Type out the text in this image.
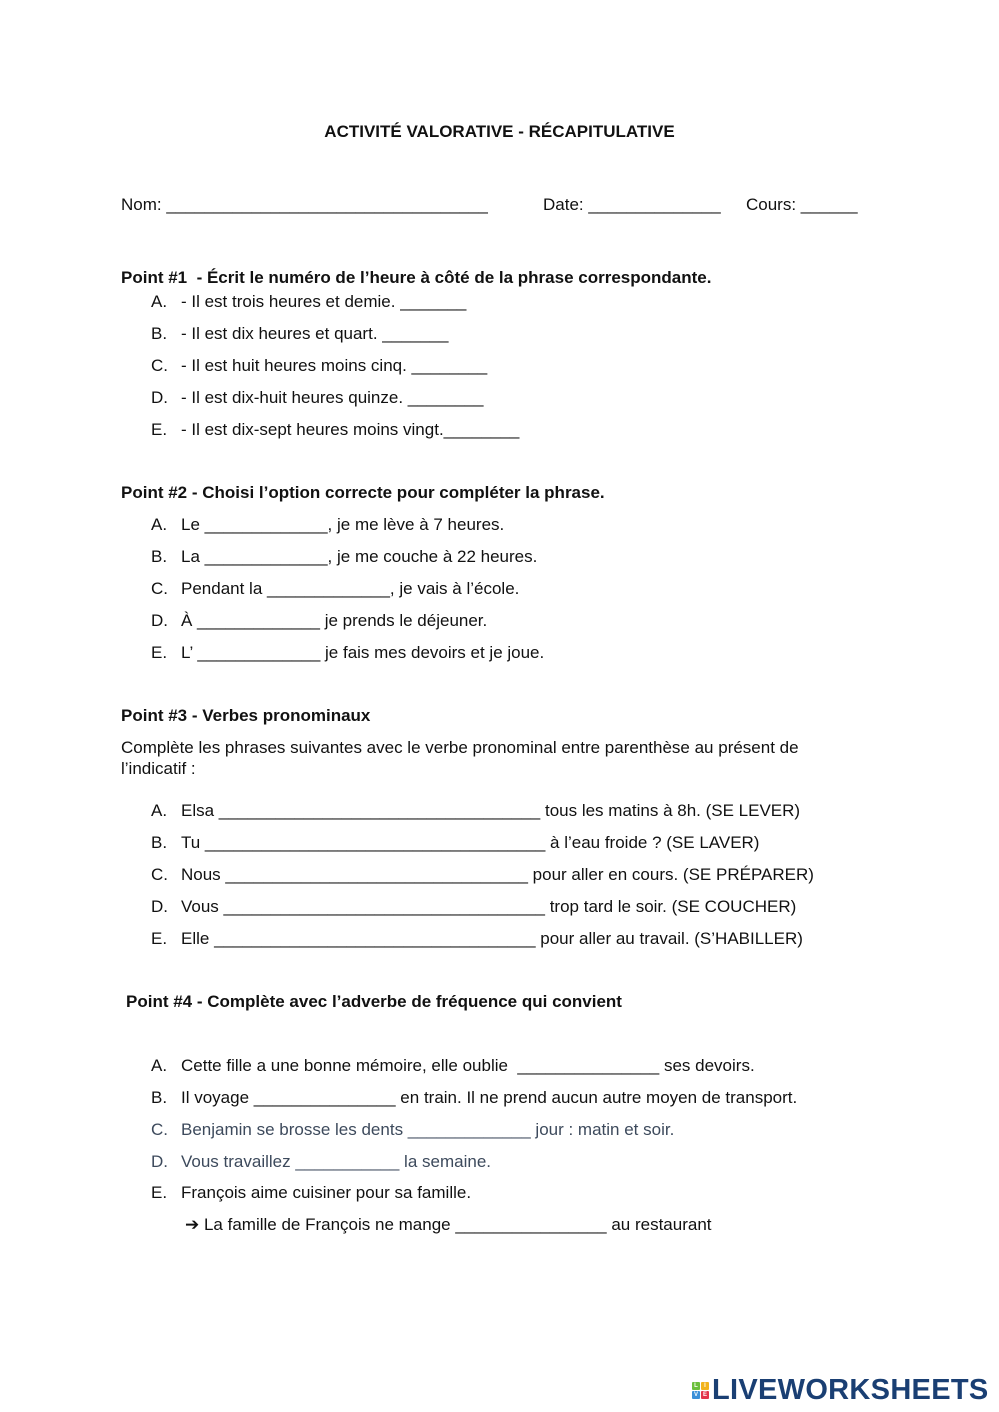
ACTIVITÉ VALORATIVE - RÉCAPITULATIVE
Nom: __________________________________	Date: ______________ Cours: ______
Point #1  - Écrit le numéro de l’heure à côté de la phrase correspondante.
A. - Il est trois heures et demie. _______
B. - Il est dix heures et quart. _______
C. - Il est huit heures moins cinq. ________
D. - Il est dix-huit heures quinze. ________
E. - Il est dix-sept heures moins vingt.________
Point #2 - Choisi l’option correcte pour compléter la phrase.
A. Le _____________, je me lève à 7 heures.
B. La _____________, je me couche à 22 heures.
C. Pendant la _____________, je vais à l’école.
D. À _____________ je prends le déjeuner.
E. L’ _____________ je fais mes devoirs et je joue.
Point #3 - Verbes pronominaux
Complète les phrases suivantes avec le verbe pronominal entre parenthèse au présent de
l’indicatif :
A. Elsa __________________________________ tous les matins à 8h. (SE LEVER)
B. Tu ____________________________________ à l’eau froide ? (SE LAVER)
C. Nous ________________________________ pour aller en cours. (SE PRÉPARER)
D. Vous __________________________________ trop tard le soir. (SE COUCHER)
E. Elle __________________________________ pour aller au travail. (S’HABILLER)
Point #4 - Complète avec l’adverbe de fréquence qui convient
A. Cette fille a une bonne mémoire, elle oublie  _______________ ses devoirs.
B. Il voyage _______________ en train. Il ne prend aucun autre moyen de transport.
C. Benjamin se brosse les dents _____________ jour : matin et soir.
D. Vous travaillez ___________ la semaine.
E. François aime cuisiner pour sa famille.
➔ La famille de François ne mange ________________ au restaurant
L	I
V E LIVEWORKSHEETS
